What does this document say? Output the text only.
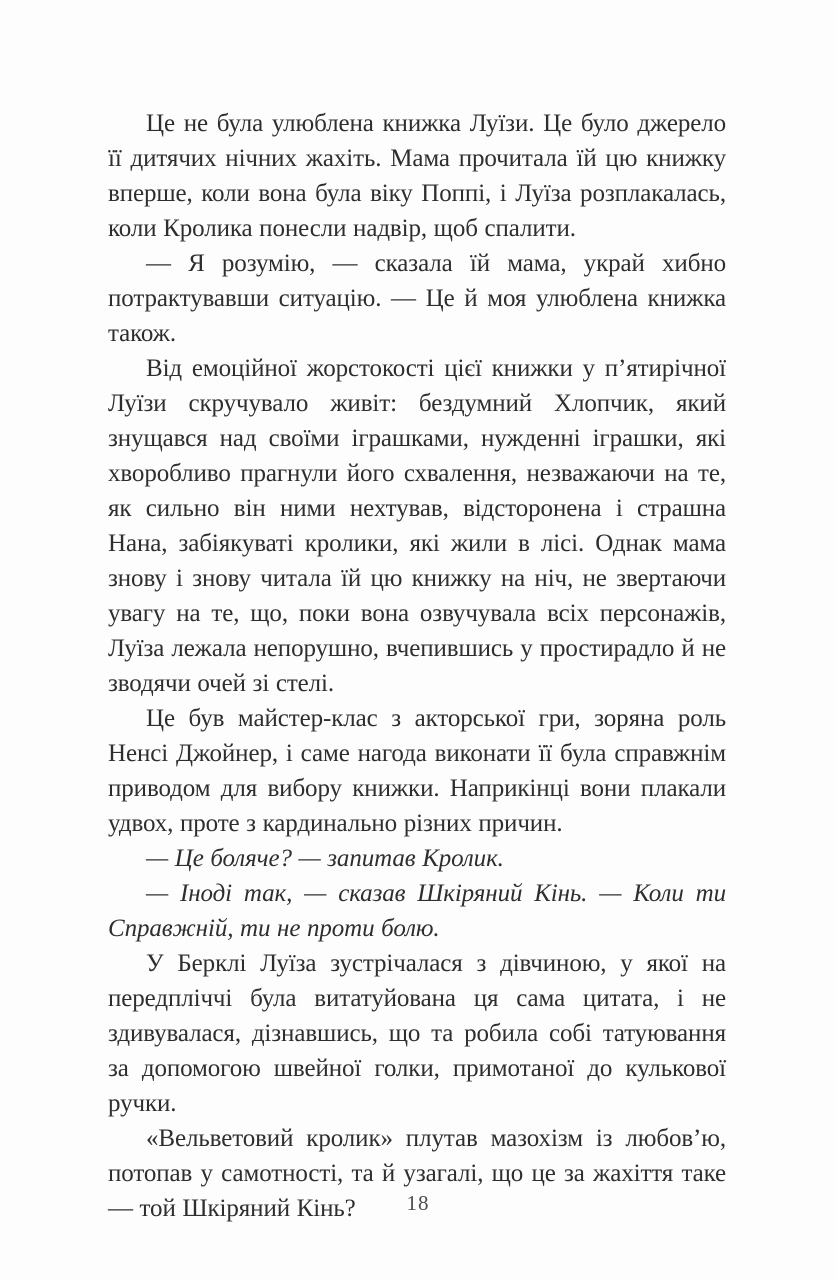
Це не була улюблена книжка Луїзи. Це було джерело її дитячих нічних жахіть. Мама прочитала їй цю книжку вперше, коли вона була віку Поппі, і Луїза розплакалась, коли Кролика понесли надвір, щоб спалити.

— Я розумію, — сказала їй мама, украй хибно потрактувавши ситуацію. — Це й моя улюблена книжка також.

Від емоційної жорстокості цієї книжки у п’ятирічної Луїзи скручувало живіт: бездумний Хлопчик, який знущався над своїми іграшками, нужденні іграшки, які хворобливо прагнули його схвалення, незважаючи на те, як сильно він ними нехтував, відсторонена і страшна Нана, забіякуваті кролики, які жили в лісі. Однак мама знову і знову читала їй цю книжку на ніч, не звертаючи увагу на те, що, поки вона озвучувала всіх персонажів, Луїза лежала непорушно, вчепившись у простирадло й не зводячи очей зі стелі.

Це був майстер-клас з акторської гри, зоряна роль Ненсі Джойнер, і саме нагода виконати її була справжнім приводом для вибору книжки. Наприкінці вони плакали удвох, проте з кардинально різних причин.

— Це боляче? — запитав Кролик.

— Іноді так, — сказав Шкіряний Кінь. — Коли ти Справжній, ти не проти болю.

У Берклі Луїза зустрічалася з дівчиною, у якої на передпліччі була витатуйована ця сама цитата, і не здивувалася, дізнавшись, що та робила собі татуювання за допомогою швейної голки, примотаної до кулькової ручки.

«Вельветовий кролик» плутав мазохізм із любов’ю, потопав у самотності, та й узагалі, що це за жахіття таке — той Шкіряний Кінь?	18
